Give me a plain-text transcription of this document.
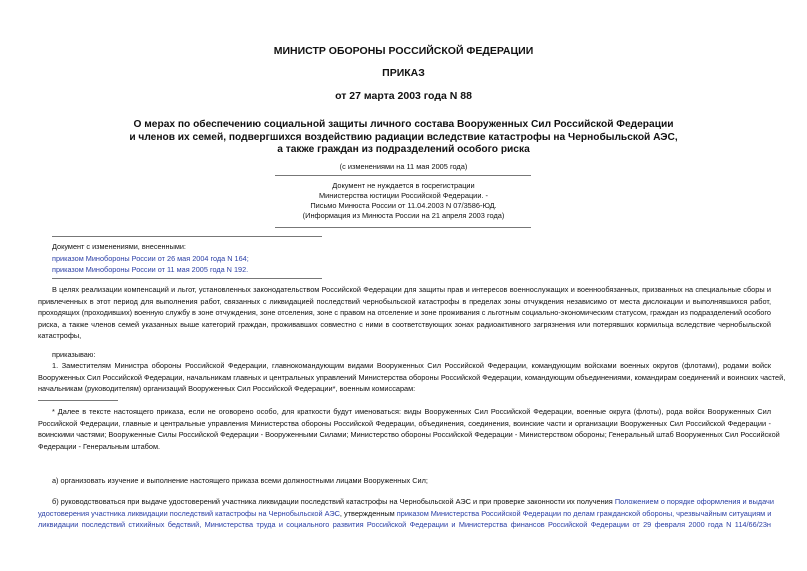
МИНИСТР ОБОРОНЫ РОССИЙСКОЙ ФЕДЕРАЦИИ
ПРИКАЗ
от 27 марта 2003 года N 88
О мерах по обеспечению социальной защиты личного состава Вооруженных Сил Российской Федерации
и членов их семей, подвергшихся воздействию радиации вследствие катастрофы на Чернобыльской АЭС,
а также граждан из подразделений особого риска
(с изменениями на 11 мая 2005 года)
Документ не нуждается в госрегистрации
Министерства юстиции Российской Федерации. -
Письмо Минюста России от 11.04.2003 N 07/3586-ЮД.
(Информация из Минюста России на 21 апреля 2003 года)
Документ с изменениями, внесенными:
приказом Минобороны России от 26 мая 2004 года N 164;
приказом Минобороны России от 11 мая 2005 года N 192.
В целях реализации компенсаций и льгот, установленных законодательством Российской Федерации для защиты прав и интересов военнослужащих и военнообязанных, призванных на специальные сборы и
привлеченных в этот период для выполнения работ, связанных с ликвидацией последствий чернобыльской катастрофы в пределах зоны отчуждения независимо от места дислокации и выполнявшихся работ,
проходящих (проходивших) военную службу в зоне отчуждения, зоне отселения, зоне с правом на отселение и зоне проживания с льготным социально-экономическим статусом, граждан из подразделений особого
риска, а также членов семей указанных выше категорий граждан, проживавших совместно с ними в соответствующих зонах радиоактивного загрязнения или потерявших кормильца вследствие чернобыльской
катастрофы,
приказываю:
1. Заместителям Министра обороны Российской Федерации, главнокомандующим видами Вооруженных Сил Российской Федерации, командующим войсками военных округов (флотами), родами войск
Вооруженных Сил Российской Федерации, начальникам главных и центральных управлений Министерства обороны Российской Федерации, командующим объединениями, командирам соединений и воинских частей,
начальникам (руководителям) организаций Вооруженных Сил Российской Федерации*, военным комиссарам:
* Далее в тексте настоящего приказа, если не оговорено особо, для краткости будут именоваться: виды Вооруженных Сил Российской Федерации, военные округа (флоты), рода войск Вооруженных Сил
Российской Федерации, главные и центральные управления Министерства обороны Российской Федерации, объединения, соединения, воинские части и организации Вооруженных Сил Российской Федерации -
воинскими частями; Вооруженные Силы Российской Федерации - Вооруженными Силами; Министерство обороны Российской Федерации - Министерством обороны; Генеральный штаб Вооруженных Сил Российской
Федерации - Генеральным штабом.
а) организовать изучение и выполнение настоящего приказа всеми должностными лицами Вооруженных Сил;
б) руководствоваться при выдаче удостоверений участника ликвидации последствий катастрофы на Чернобыльской АЭС и при проверке законности их получения Положением о порядке оформления и выдачи
удостоверения участника ликвидации последствий катастрофы на Чернобыльской АЭС, утвержденным приказом Министерства Российской Федерации по делам гражданской обороны, чрезвычайным ситуациям и
ликвидации последствий стихийных бедствий, Министерства труда и социального развития Российской Федерации и Министерства финансов Российской Федерации от 29 февраля 2000 года N 114/66/23н
